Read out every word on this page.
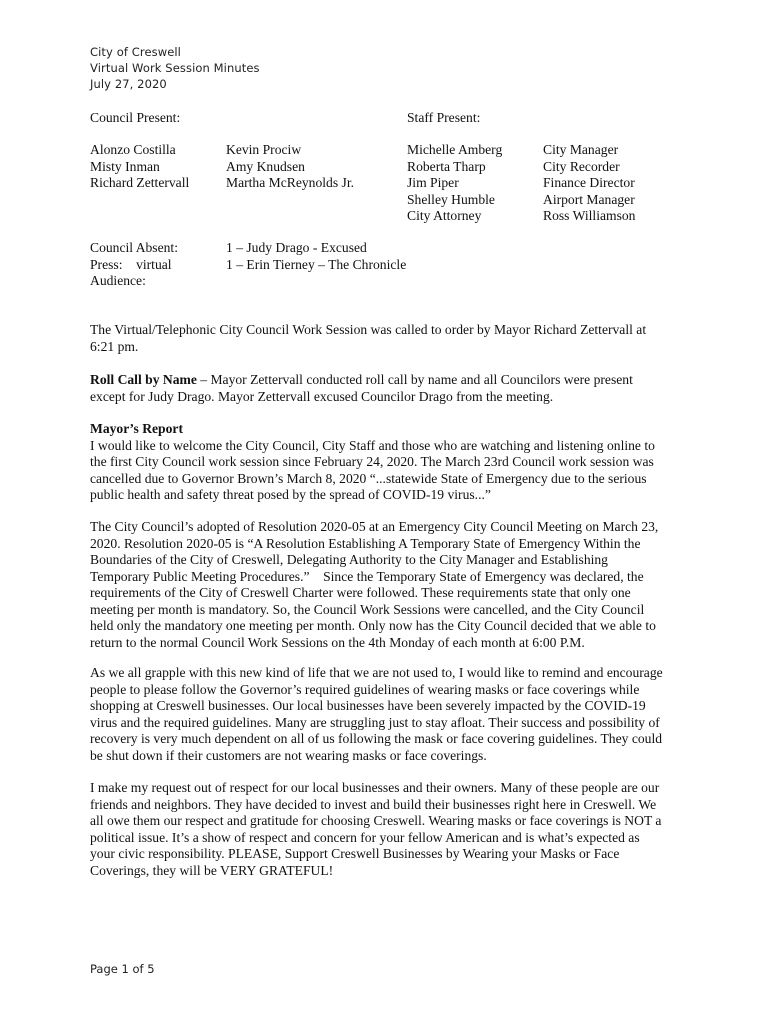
City of Creswell
Virtual Work Session Minutes
July 27, 2020
Council Present:	Staff Present:
Alonzo Costilla
Misty Inman
Richard Zettervall
Kevin Prociw
Amy Knudsen
Martha McReynolds Jr.
Michelle Amberg
Roberta Tharp
Jim Piper
Shelley Humble
City Attorney
City Manager
City Recorder
Finance Director
Airport Manager
Ross Williamson
Council Absent:
Press:    virtual
Audience:
1 – Judy Drago - Excused
1 – Erin Tierney – The Chronicle
The Virtual/Telephonic City Council Work Session was called to order by Mayor Richard Zettervall at
6:21 pm.
Roll Call by Name – Mayor Zettervall conducted roll call by name and all Councilors were present
except for Judy Drago. Mayor Zettervall excused Councilor Drago from the meeting.
Mayor’s Report
I would like to welcome the City Council, City Staff and those who are watching and listening online to
the first City Council work session since February 24, 2020. The March 23rd Council work session was
cancelled due to Governor Brown’s March 8, 2020 “...statewide State of Emergency due to the serious
public health and safety threat posed by the spread of COVID-19 virus...”
The City Council’s adopted of Resolution 2020-05 at an Emergency City Council Meeting on March 23,
2020. Resolution 2020-05 is “A Resolution Establishing A Temporary State of Emergency Within the
Boundaries of the City of Creswell, Delegating Authority to the City Manager and Establishing
Temporary Public Meeting Procedures.”    Since the Temporary State of Emergency was declared, the
requirements of the City of Creswell Charter were followed. These requirements state that only one
meeting per month is mandatory. So, the Council Work Sessions were cancelled, and the City Council
held only the mandatory one meeting per month. Only now has the City Council decided that we able to
return to the normal Council Work Sessions on the 4th Monday of each month at 6:00 P.M.
As we all grapple with this new kind of life that we are not used to, I would like to remind and encourage
people to please follow the Governor’s required guidelines of wearing masks or face coverings while
shopping at Creswell businesses. Our local businesses have been severely impacted by the COVID-19
virus and the required guidelines. Many are struggling just to stay afloat. Their success and possibility of
recovery is very much dependent on all of us following the mask or face covering guidelines. They could
be shut down if their customers are not wearing masks or face coverings.
I make my request out of respect for our local businesses and their owners. Many of these people are our
friends and neighbors. They have decided to invest and build their businesses right here in Creswell. We
all owe them our respect and gratitude for choosing Creswell. Wearing masks or face coverings is NOT a
political issue. It’s a show of respect and concern for your fellow American and is what’s expected as
your civic responsibility. PLEASE, Support Creswell Businesses by Wearing your Masks or Face
Coverings, they will be VERY GRATEFUL!
Page 1 of 5
